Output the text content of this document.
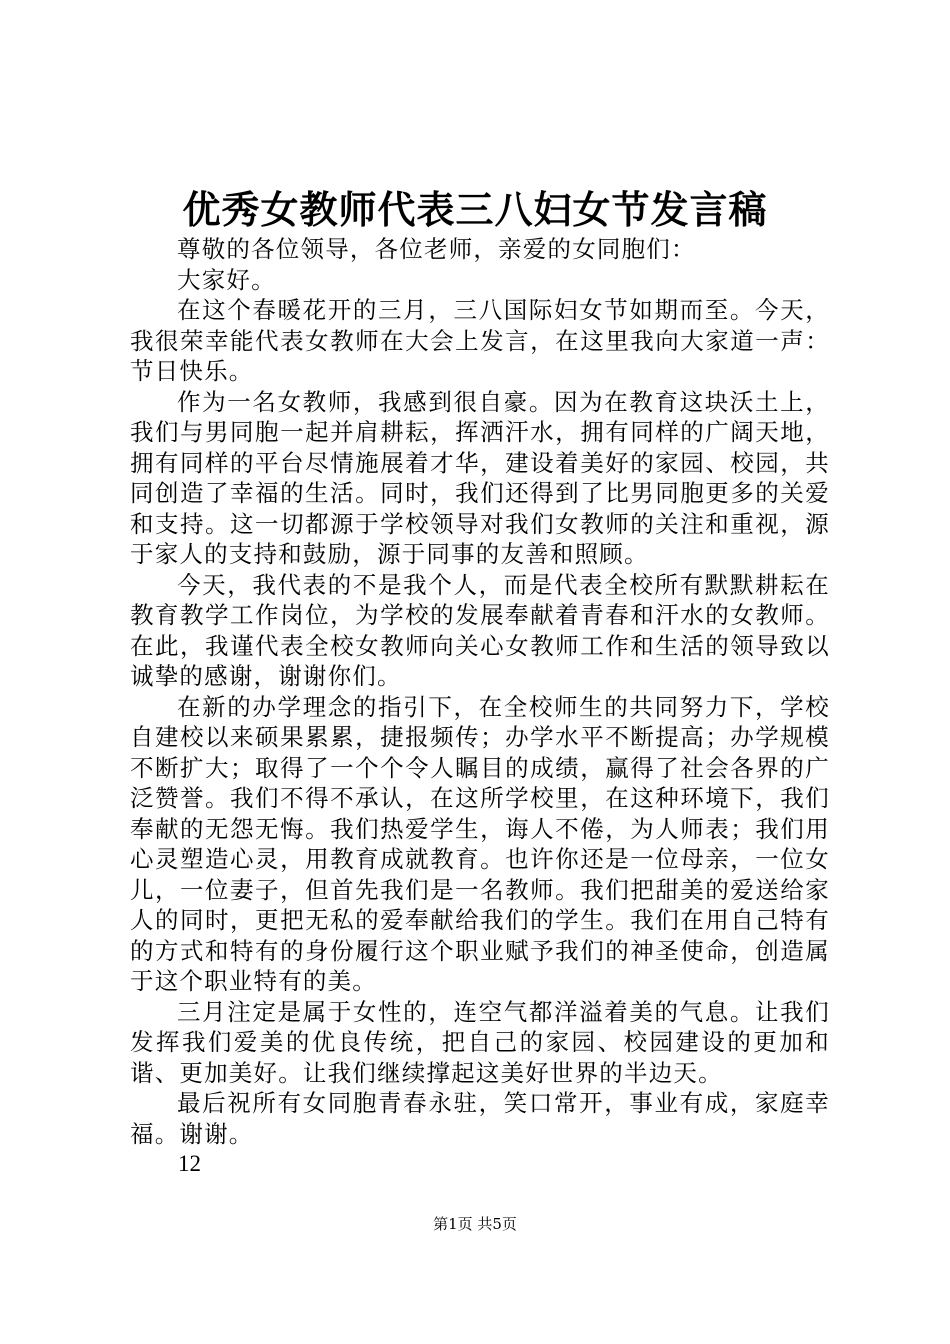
优秀女教师代表三八妇女节发言稿

尊敬的各位领导，各位老师，亲爱的女同胞们：

大家好。

在这个春暖花开的三月，三八国际妇女节如期而至。今天，我很荣幸能代表女教师在大会上发言，在这里我向大家道一声：节日快乐。

作为一名女教师，我感到很自豪。因为在教育这块沃土上，我们与男同胞一起并肩耕耘，挥洒汗水，拥有同样的广阔天地，拥有同样的平台尽情施展着才华，建设着美好的家园、校园，共同创造了幸福的生活。同时，我们还得到了比男同胞更多的关爱和支持。这一切都源于学校领导对我们女教师的关注和重视，源于家人的支持和鼓励，源于同事的友善和照顾。

今天，我代表的不是我个人，而是代表全校所有默默耕耘在教育教学工作岗位，为学校的发展奉献着青春和汗水的女教师。在此，我谨代表全校女教师向关心女教师工作和生活的领导致以诚挚的感谢，谢谢你们。

在新的办学理念的指引下，在全校师生的共同努力下，学校自建校以来硕果累累，捷报频传；办学水平不断提高；办学规模不断扩大；取得了一个个令人瞩目的成绩，赢得了社会各界的广泛赞誉。我们不得不承认，在这所学校里，在这种环境下，我们奉献的无怨无悔。我们热爱学生，诲人不倦，为人师表；我们用心灵塑造心灵，用教育成就教育。也许你还是一位母亲，一位女儿，一位妻子，但首先我们是一名教师。我们把甜美的爱送给家人的同时，更把无私的爱奉献给我们的学生。我们在用自己特有的方式和特有的身份履行这个职业赋予我们的神圣使命，创造属于这个职业特有的美。

三月注定是属于女性的，连空气都洋溢着美的气息。让我们发挥我们爱美的优良传统，把自己的家园、校园建设的更加和谐、更加美好。让我们继续撑起这美好世界的半边天。

最后祝所有女同胞青春永驻，笑口常开，事业有成，家庭幸福。谢谢。

12
第1页 共5页
